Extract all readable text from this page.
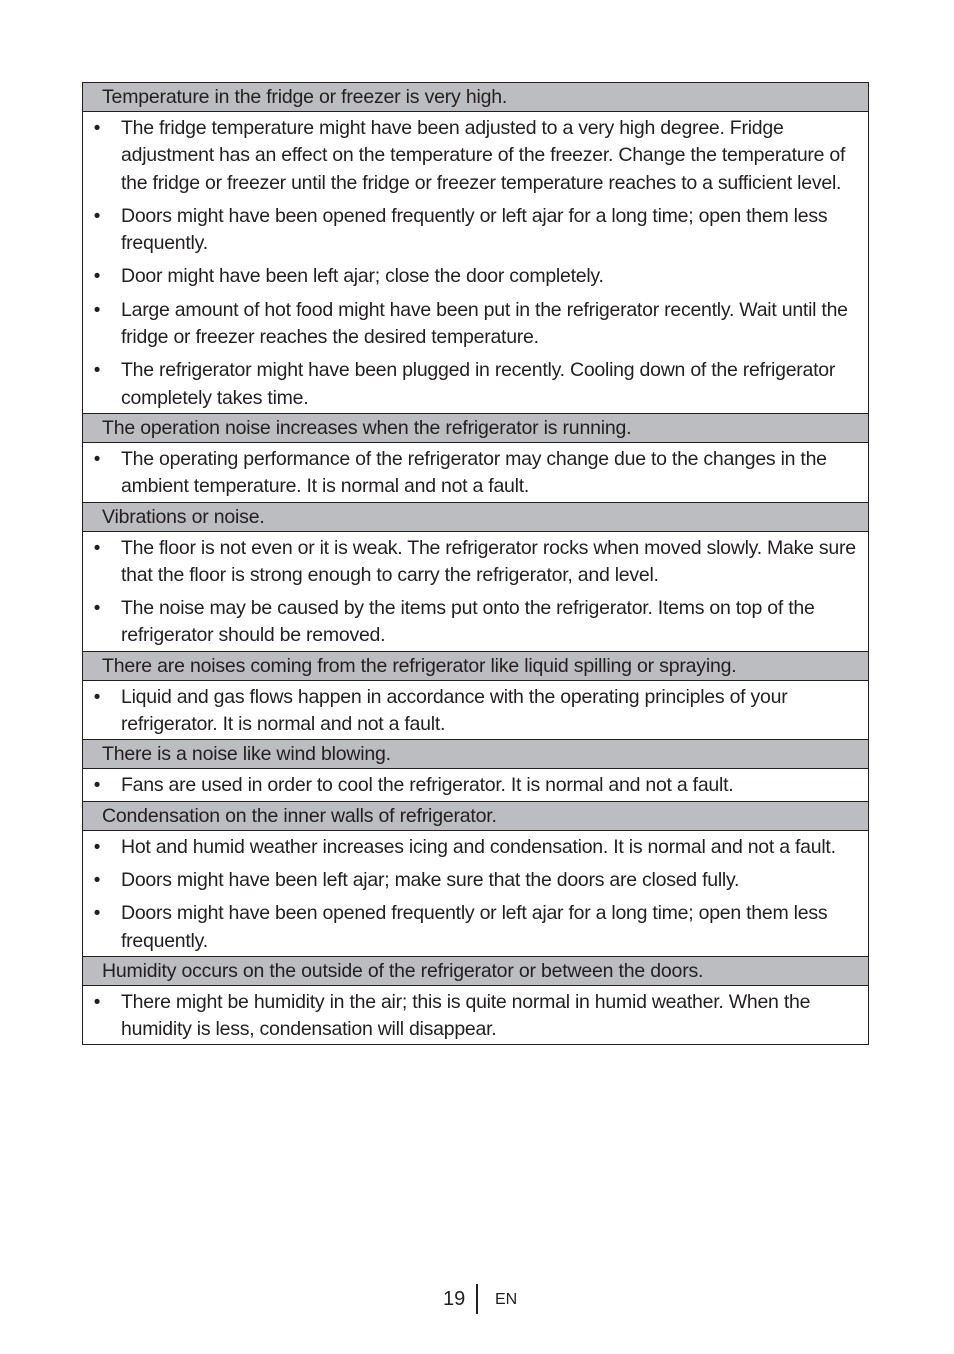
Temperature in the fridge or freezer is very high.
• The fridge temperature might have been adjusted to a very high degree. Fridge adjustment has an effect on the temperature of the freezer. Change the temperature of the fridge or freezer until the fridge or freezer temperature reaches to a sufficient level.
• Doors might have been opened frequently or left ajar for a long time; open them less frequently.
• Door might have been left ajar; close the door completely.
• Large amount of hot food might have been put in the refrigerator recently. Wait until the fridge or freezer reaches the desired temperature.
• The refrigerator might have been plugged in recently. Cooling down of the refrigerator completely takes time.
The operation noise increases when the refrigerator is running.
• The operating performance of the refrigerator may change due to the changes in the ambient temperature. It is normal and not a fault.
Vibrations or noise.
• The floor is not even or it is weak. The refrigerator rocks when moved slowly. Make sure that the floor is strong enough to carry the refrigerator, and level.
• The noise may be caused by the items put onto the refrigerator. Items on top of the refrigerator should be removed.
There are noises coming from the refrigerator like liquid spilling or spraying.
• Liquid and gas flows happen in accordance with the operating principles of your refrigerator. It is normal and not a fault.
There is a noise like wind blowing.
• Fans are used in order to cool the refrigerator. It is normal and not a fault.
Condensation on the inner walls of refrigerator.
• Hot and humid weather increases icing and condensation. It is normal and not a fault.
• Doors might have been left ajar; make sure that the doors are closed fully.
• Doors might have been opened frequently or left ajar for a long time; open them less frequently.
Humidity occurs on the outside of the refrigerator or between the doors.
• There might be humidity in the air; this is quite normal in humid weather. When the humidity is less, condensation will disappear.
19 EN
